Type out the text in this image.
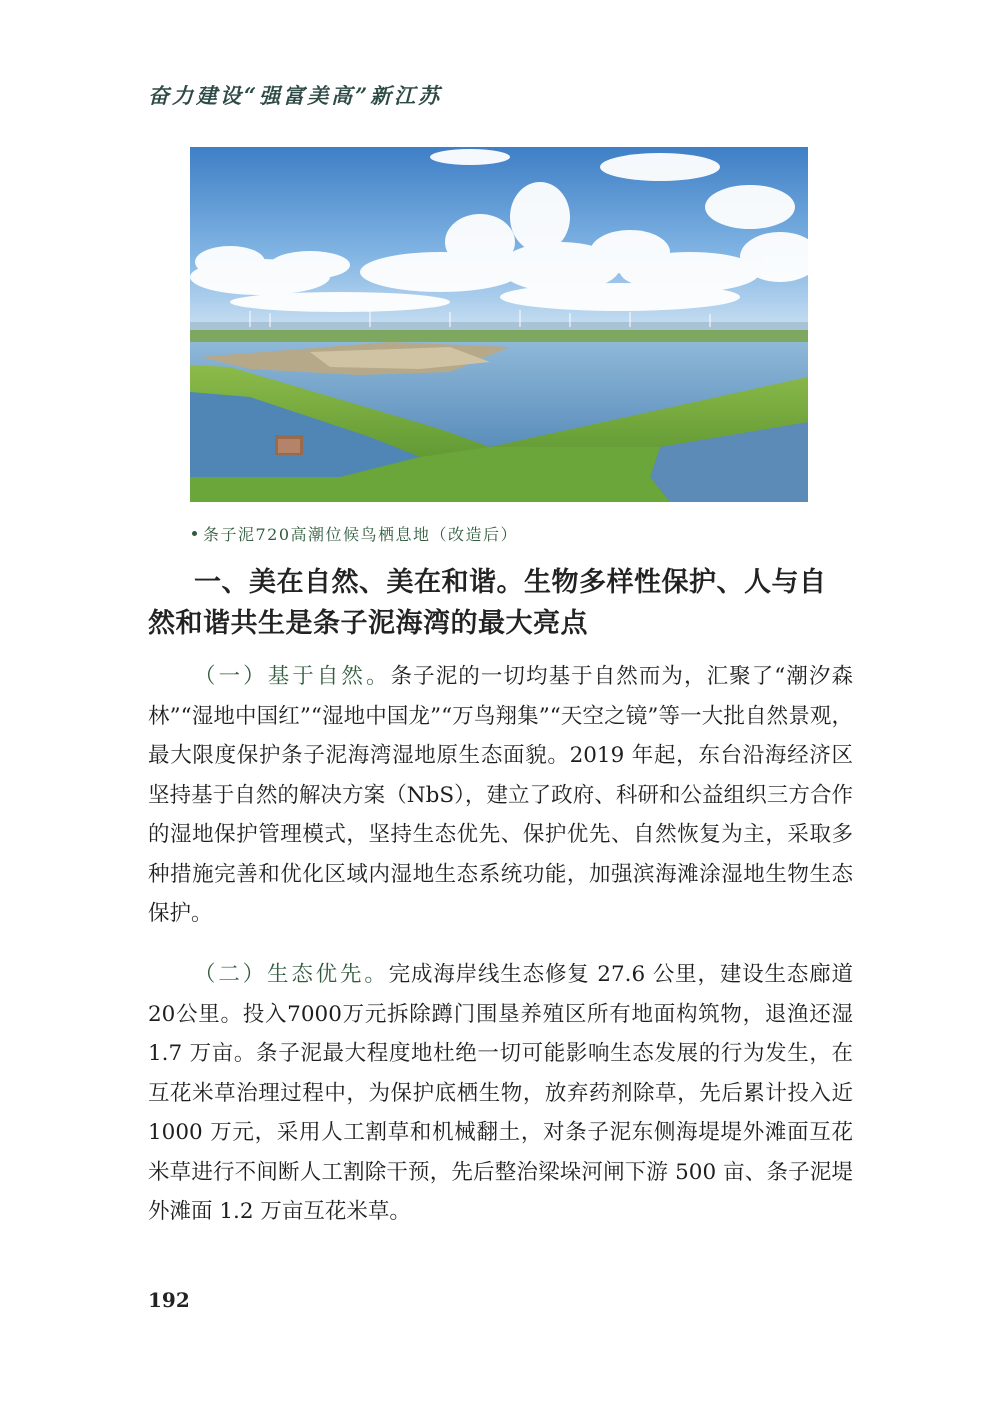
奋力建设“强富美高”新江苏
条子泥720高潮位候鸟栖息地（改造后）
一、美在自然、美在和谐。生物多样性保护、人与自然和谐共生是条子泥海湾的最大亮点
（一）基于自然。条子泥的一切均基于自然而为，汇聚了“潮汐森林”“湿地中国红”“湿地中国龙”“万鸟翔集”“天空之镜”等一大批自然景观，最大限度保护条子泥海湾湿地原生态面貌。2019 年起，东台沿海经济区坚持基于自然的解决方案（NbS），建立了政府、科研和公益组织三方合作的湿地保护管理模式，坚持生态优先、保护优先、自然恢复为主，采取多种措施完善和优化区域内湿地生态系统功能，加强滨海滩涂湿地生物生态保护。
（二）生态优先。完成海岸线生态修复 27.6 公里，建设生态廊道20公里。投入7000万元拆除蹲门围垦养殖区所有地面构筑物，退渔还湿 1.7 万亩。条子泥最大程度地杜绝一切可能影响生态发展的行为发生，在互花米草治理过程中，为保护底栖生物，放弃药剂除草，先后累计投入近 1000 万元，采用人工割草和机械翻土，对条子泥东侧海堤堤外滩面互花米草进行不间断人工割除干预，先后整治梁垛河闸下游 500 亩、条子泥堤外滩面 1.2 万亩互花米草。
192
